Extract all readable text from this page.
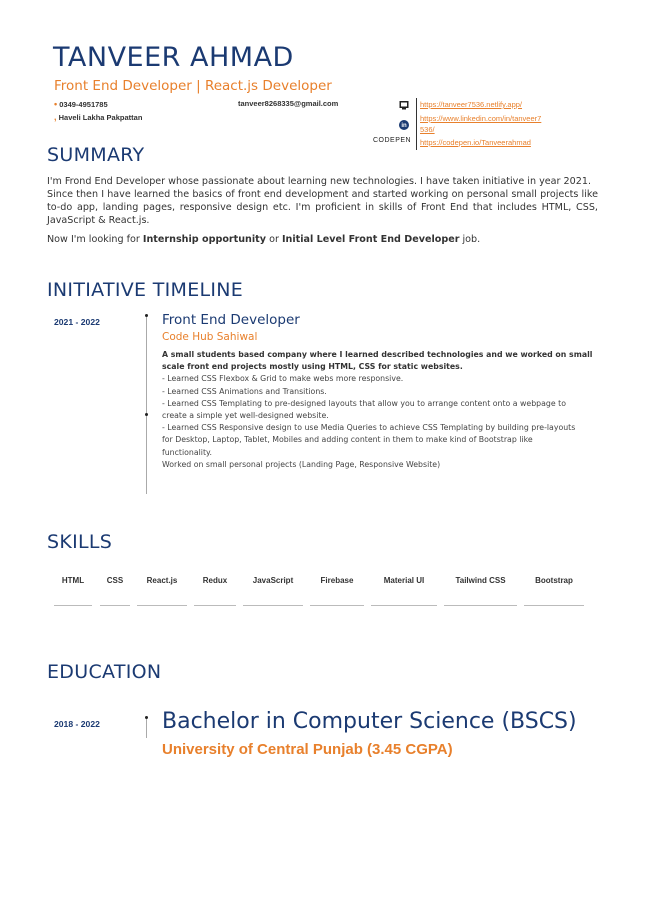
TANVEER AHMAD
Front End Developer | React.js Developer
• 0349-4951785	tanveer8268335@gmail.com
, Haveli Lakha Pakpattan
https://tanveer7536.netlify.app/
in
https://www.linkedin.com/in/tanveer7
536/
CODEPEN https://codepen.io/Tanveerahmad
SUMMARY
I'm Frond End Developer whose passionate about learning new technologies. I have taken initiative in year 2021.
Since then I have learned the basics of front end development and started working on personal small projects like to-do app, landing pages, responsive design etc. I'm proficient in skills of Front End that includes HTML, CSS, JavaScript & React.js.
Now I'm looking for Internship opportunity or Initial Level Front End Developer job.
INITIATIVE TIMELINE
2021 - 2022	Front End Developer
Code Hub Sahiwal
A small students based company where I learned described technologies and we worked on small scale front end projects mostly using HTML, CSS for static websites.
- Learned CSS Flexbox & Grid to make webs more responsive.
- Learned CSS Animations and Transitions.
- Learned CSS Templating to pre-designed layouts that allow you to arrange content onto a webpage to create a simple yet well-designed website.
- Learned CSS Responsive design to use Media Queries to achieve CSS Templating by building pre-layouts for Desktop, Laptop, Tablet, Mobiles and adding content in them to make kind of Bootstrap like functionality.
Worked on small personal projects (Landing Page, Responsive Website)
SKILLS
HTML	CSS	React.js	Redux	JavaScript	Firebase	Material UI	Tailwind CSS	Bootstrap
EDUCATION
2018 - 2022	Bachelor in Computer Science (BSCS)
University of Central Punjab (3.45 CGPA)
